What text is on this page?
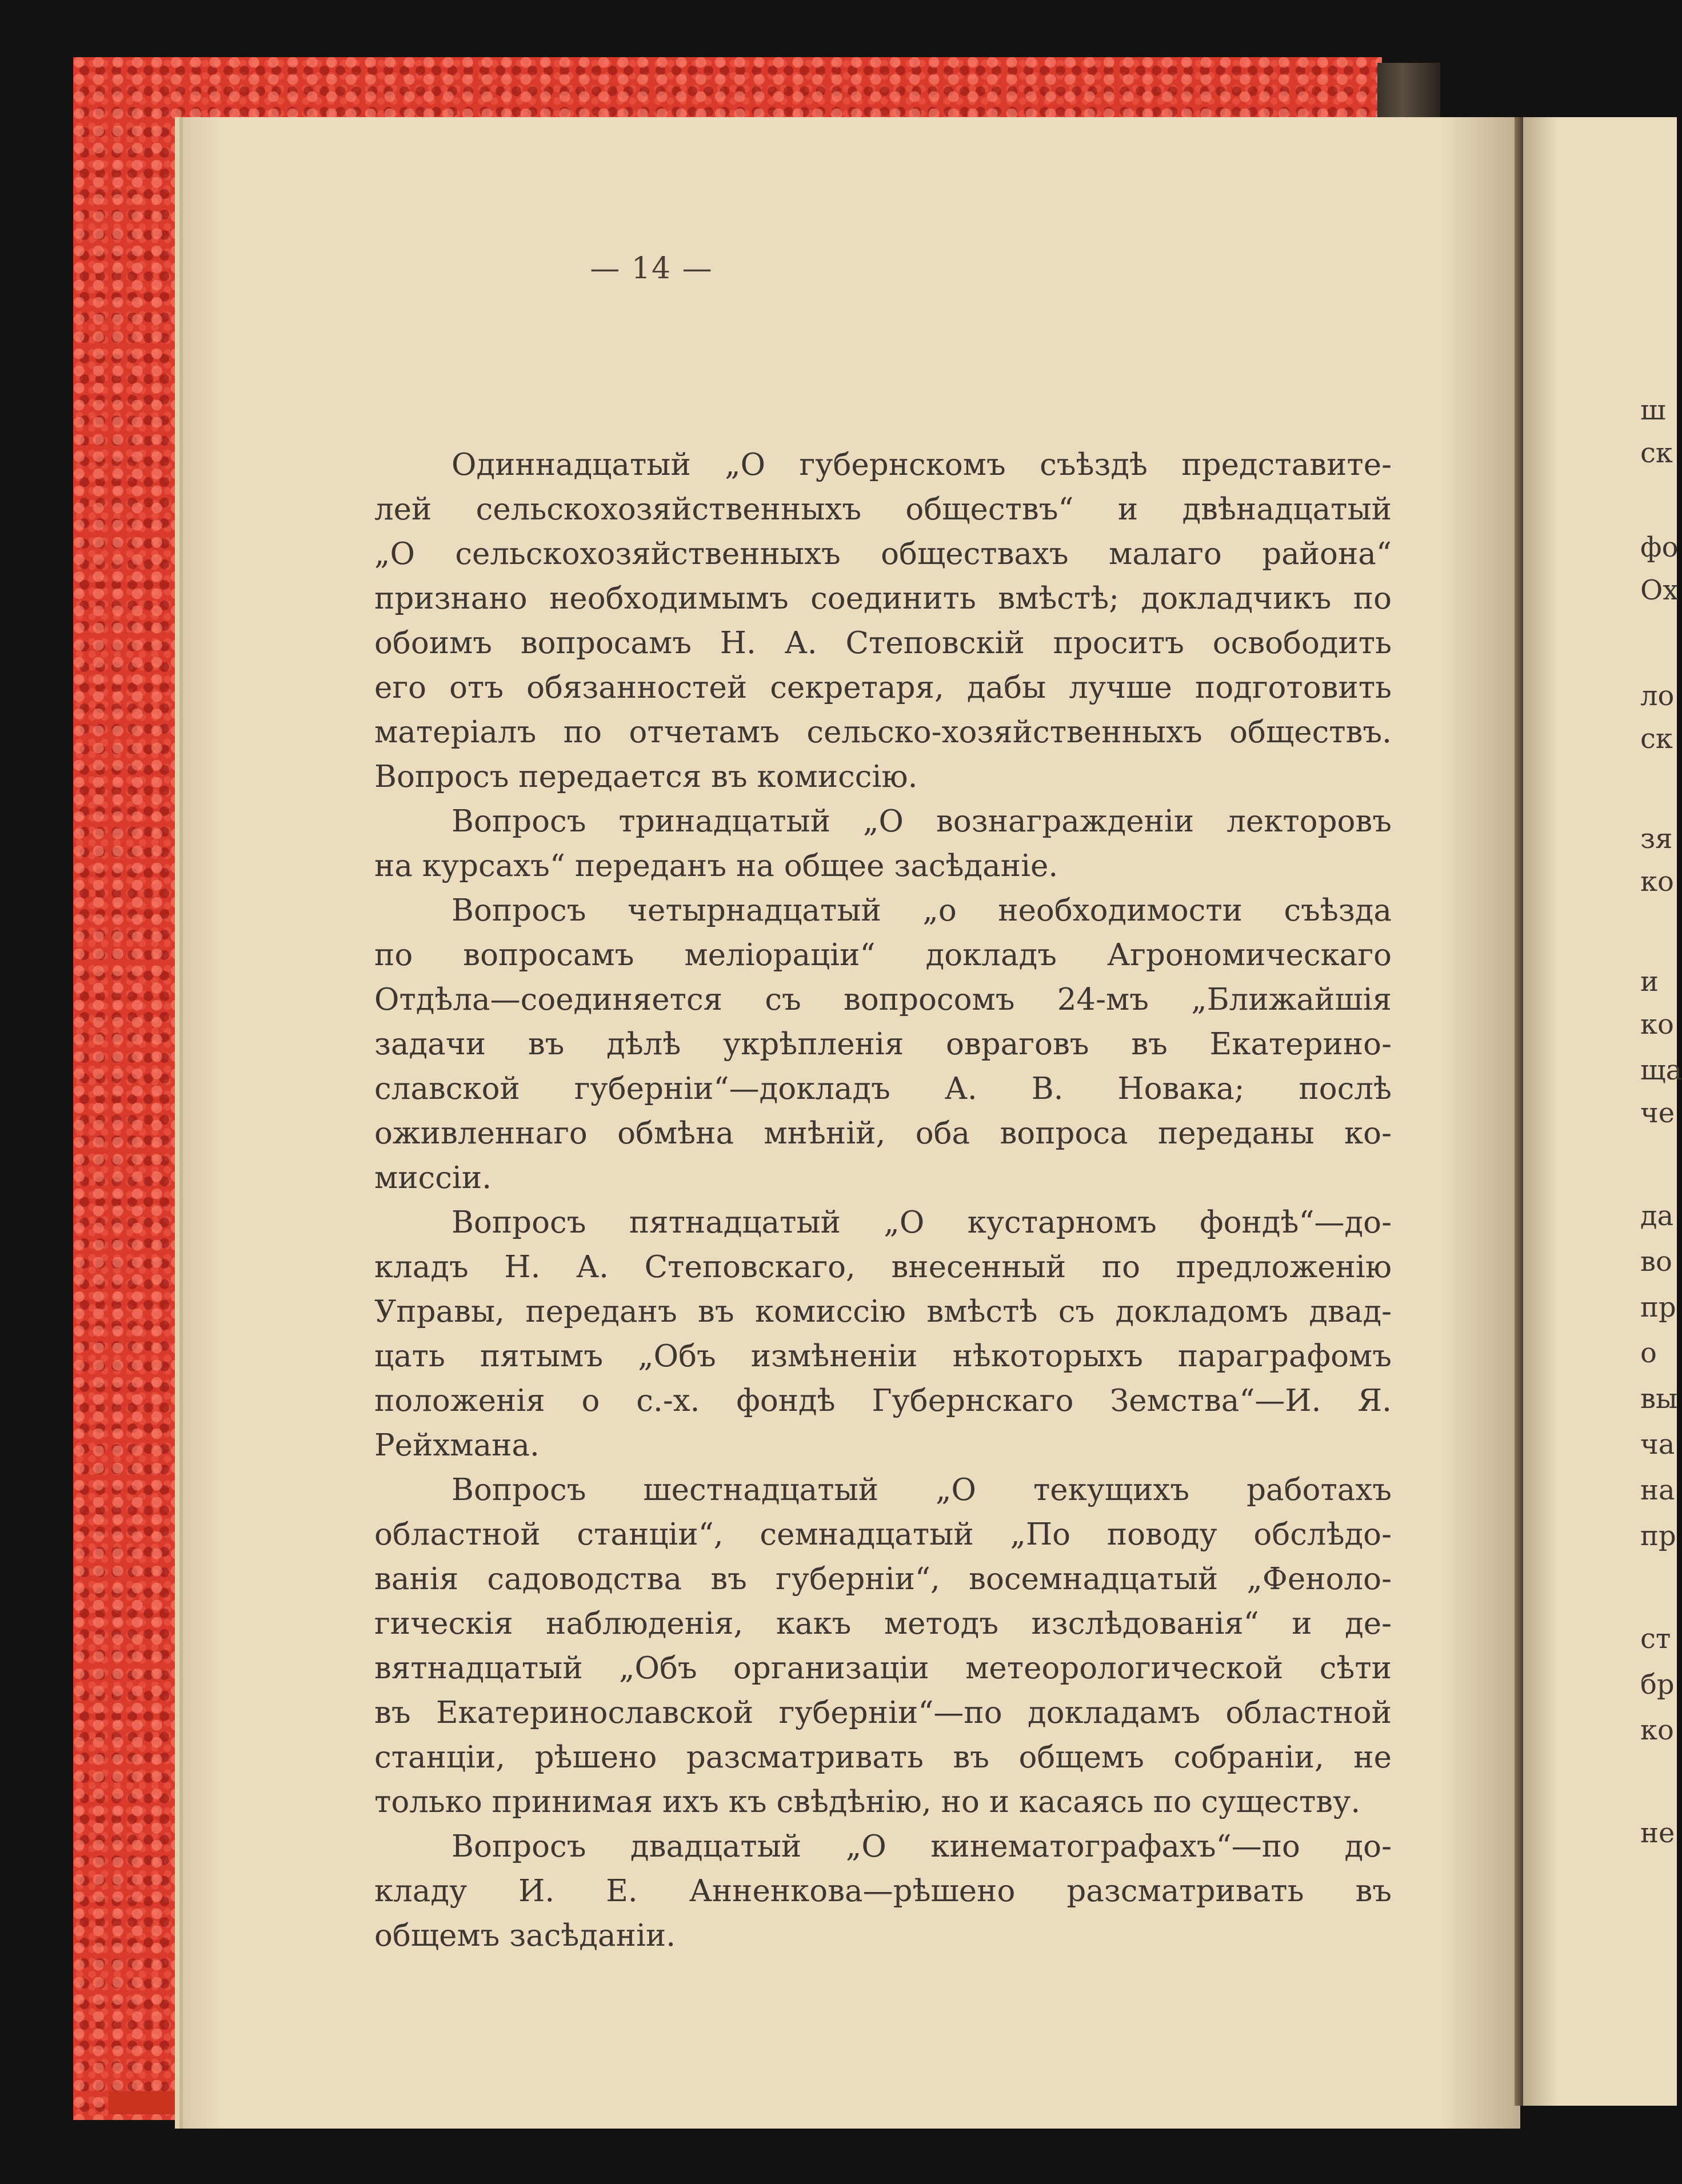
— 14 —
Одиннадцатый „О губернскомъ съѣздѣ представите-
лей сельскохозяйственныхъ обществъ“ и двѣнадцатый
„О сельскохозяйственныхъ обществахъ малаго района“
признано необходимымъ соединить вмѣстѣ; докладчикъ по
обоимъ вопросамъ Н. А. Степовскій проситъ освободить
его отъ обязанностей секретаря, дабы лучше подготовить
матеріалъ по отчетамъ сельско-хозяйственныхъ обществъ.
Вопросъ передается въ комиссію.
Вопросъ тринадцатый „О вознагражденіи лекторовъ
на курсахъ“ переданъ на общее засѣданіе.
Вопросъ четырнадцатый „о необходимости съѣзда
по вопросамъ меліораціи“ докладъ Агрономическаго
Отдѣла—соединяется съ вопросомъ 24-мъ „Ближайшія
задачи въ дѣлѣ укрѣпленія овраговъ въ Екатерино-
славской губерніи“—докладъ А. В. Новака; послѣ
оживленнаго обмѣна мнѣній, оба вопроса переданы ко-
миссіи.
Вопросъ пятнадцатый „О кустарномъ фондѣ“—до-
кладъ Н. А. Степовскаго, внесенный по предложенію
Управы, переданъ въ комиссію вмѣстѣ съ докладомъ двад-
цать пятымъ „Объ измѣненіи нѣкоторыхъ параграфомъ
положенія о с.-х. фондѣ Губернскаго Земства“—И. Я.
Рейхмана.
Вопросъ шестнадцатый „О текущихъ работахъ
областной станціи“, семнадцатый „По поводу обслѣдо-
ванія садоводства въ губерніи“, восемнадцатый „Феноло-
гическія наблюденія, какъ методъ изслѣдованія“ и де-
вятнадцатый „Объ организаціи метеорологической сѣти
въ Екатеринославской губерніи“—по докладамъ областной
станціи, рѣшено разсматривать въ общемъ собраніи, не
только принимая ихъ къ свѣдѣнію, но и касаясь по существу.
Вопросъ двадцатый „О кинематографахъ“—по до-
кладу И. Е. Анненкова—рѣшено разсматривать въ
общемъ засѣданіи.
ш
ск
фо
Ох
ло
ск
зя
ко
и
ко
ща
че
да
во
пр
о
вы
ча
на
пр
ст
бр
ко
не
